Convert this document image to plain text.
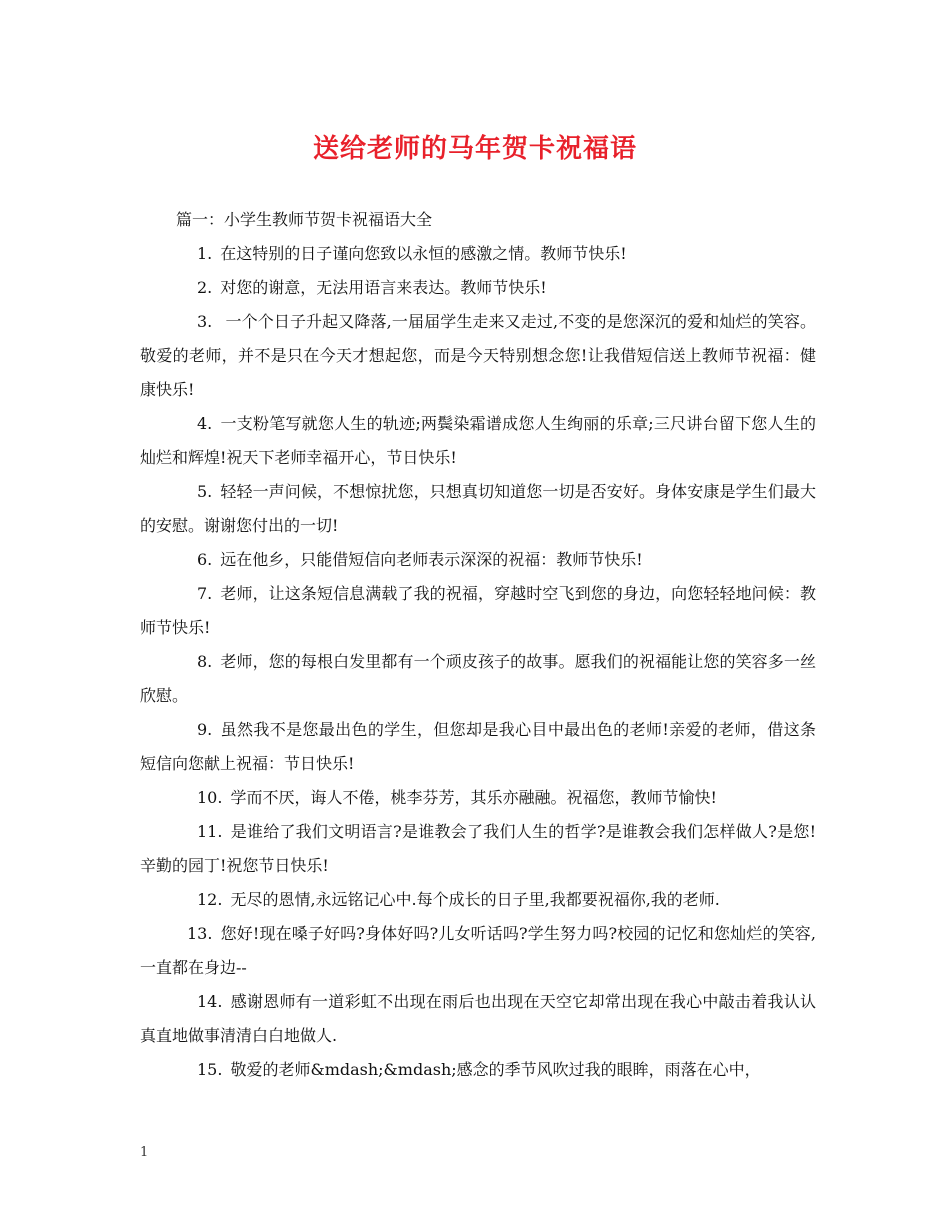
送给老师的马年贺卡祝福语

篇一：小学生教师节贺卡祝福语大全

1. 在这特别的日子谨向您致以永恒的感激之情。教师节快乐!

2. 对您的谢意，无法用语言来表达。教师节快乐!

3. 一个个日子升起又降落,一届届学生走来又走过,不变的是您深沉的爱和灿烂的笑容。敬爱的老师，并不是只在今天才想起您，而是今天特别想念您!让我借短信送上教师节祝福：健康快乐!

4. 一支粉笔写就您人生的轨迹;两鬓染霜谱成您人生绚丽的乐章;三尺讲台留下您人生的灿烂和辉煌!祝天下老师幸福开心，节日快乐!

5. 轻轻一声问候，不想惊扰您，只想真切知道您一切是否安好。身体安康是学生们最大的安慰。谢谢您付出的一切!

6. 远在他乡，只能借短信向老师表示深深的祝福：教师节快乐!

7. 老师，让这条短信息满载了我的祝福，穿越时空飞到您的身边，向您轻轻地问候：教师节快乐!

8. 老师，您的每根白发里都有一个顽皮孩子的故事。愿我们的祝福能让您的笑容多一丝欣慰。

9. 虽然我不是您最出色的学生，但您却是我心目中最出色的老师!亲爱的老师，借这条短信向您献上祝福：节日快乐!

10. 学而不厌，诲人不倦，桃李芬芳，其乐亦融融。祝福您，教师节愉快!

11. 是谁给了我们文明语言?是谁教会了我们人生的哲学?是谁教会我们怎样做人?是您!辛勤的园丁!祝您节日快乐!

12. 无尽的恩情,永远铭记心中.每个成长的日子里,我都要祝福你,我的老师.

13. 您好!现在嗓子好吗?身体好吗?儿女听话吗?学生努力吗?校园的记忆和您灿烂的笑容,一直都在身边--

14. 感谢恩师有一道彩虹不出现在雨后也出现在天空它却常出现在我心中敲击着我认认真直地做事清清白白地做人.

15. 敬爱的老师&mdash;&mdash;感念的季节风吹过我的眼眸，雨落在心中，

1
